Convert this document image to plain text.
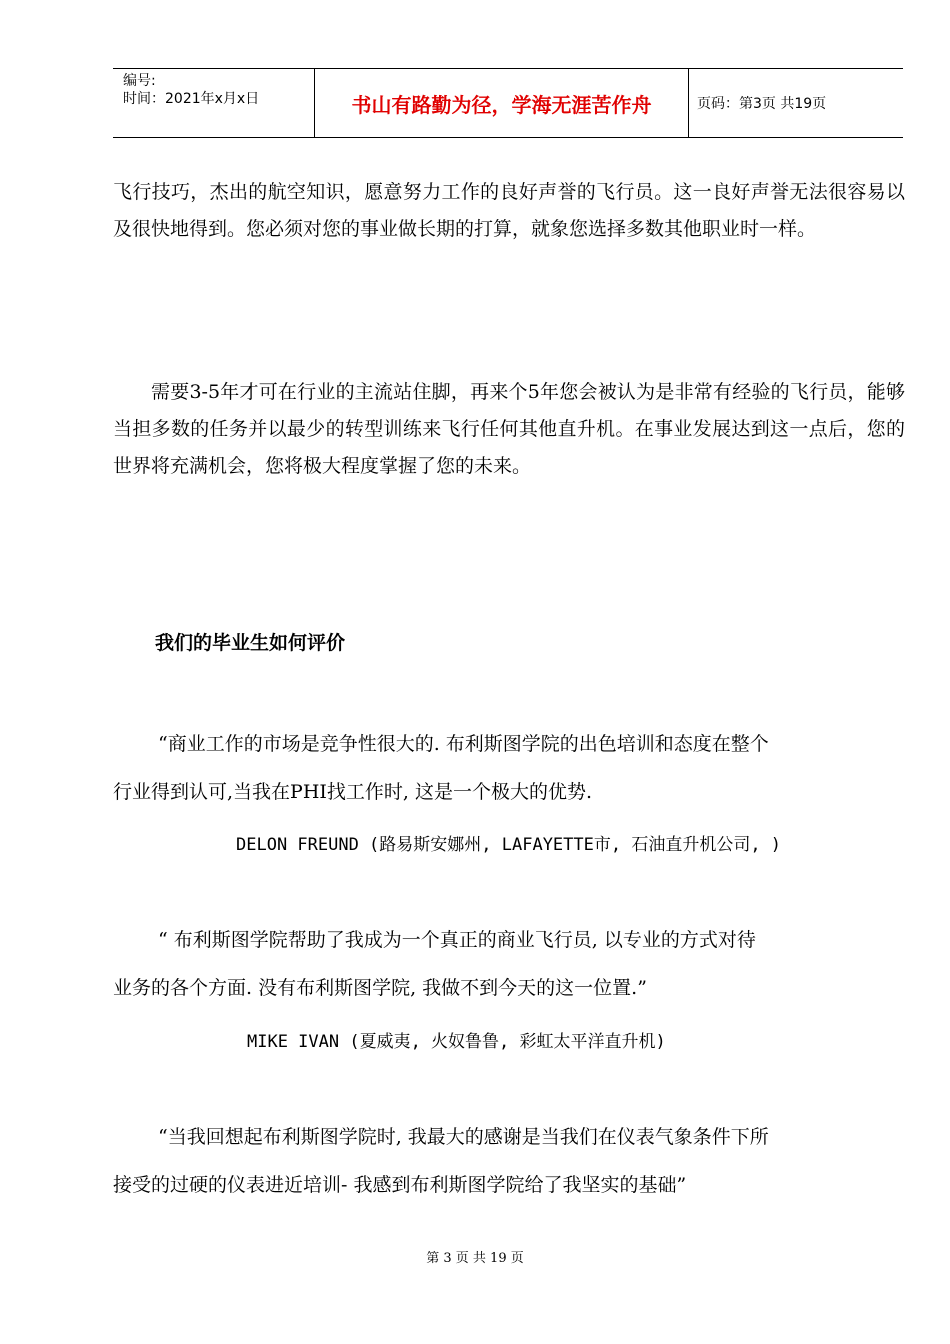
编号:
时间：2021年x月x日	书山有路勤为径，学海无涯苦作舟	页码：第3页 共19页
飞行技巧，杰出的航空知识，愿意努力工作的良好声誉的飞行员。这一良好声誉无法很容易以及很快地得到。您必须对您的事业做长期的打算，就象您选择多数其他职业时一样。
需要3-5年才可在行业的主流站住脚，再来个5年您会被认为是非常有经验的飞行员，能够当担多数的任务并以最少的转型训练来飞行任何其他直升机。在事业发展达到这一点后，您的世界将充满机会，您将极大程度掌握了您的未来。
我们的毕业生如何评价
“商业工作的市场是竞争性很大的. 布利斯图学院的出色培训和态度在整个
行业得到认可,当我在PHI找工作时, 这是一个极大的优势.
DELON FREUND (路易斯安娜州, LAFAYETTE市, 石油直升机公司, )
“ 布利斯图学院帮助了我成为一个真正的商业飞行员, 以专业的方式对待
业务的各个方面. 没有布利斯图学院, 我做不到今天的这一位置.”
MIKE IVAN (夏威夷, 火奴鲁鲁, 彩虹太平洋直升机)
“当我回想起布利斯图学院时, 我最大的感谢是当我们在仪表气象条件下所
接受的过硬的仪表进近培训- 我感到布利斯图学院给了我坚实的基础”
第 3 页 共 19 页
